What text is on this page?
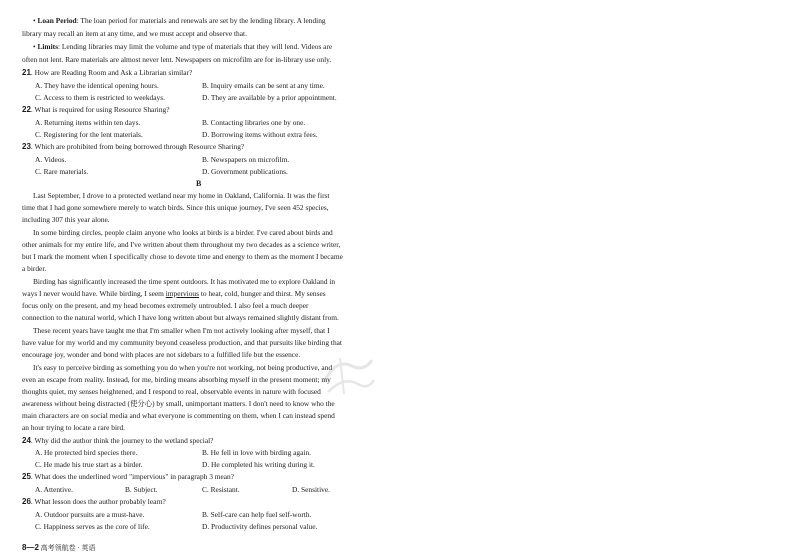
• Loan Period: The loan period for materials and renewals are set by the lending library. A lending
library may recall an item at any time, and we must accept and observe that.
• Limits: Lending libraries may limit the volume and type of materials that they will lend. Videos are
often not lent. Rare materials are almost never lent. Newspapers on microfilm are for in-library use only.
21. How are Reading Room and Ask a Librarian similar?
A. They have the identical opening hours.	B. Inquiry emails can be sent at any time.
C. Access to them is restricted to weekdays.	D. They are available by a prior appointment.
22. What is required for using Resource Sharing?
A. Returning items within ten days.	B. Contacting libraries one by one.
C. Registering for the lent materials.	D. Borrowing items without extra fees.
23. Which are prohibited from being borrowed through Resource Sharing?
A. Videos.	B. Newspapers on microfilm.
C. Rare materials.	D. Government publications.
B
Last September, I drove to a protected wetland near my home in Oakland, California. It was the first
time that I had gone somewhere merely to watch birds. Since this unique journey, I've seen 452 species,
including 307 this year alone.
In some birding circles, people claim anyone who looks at birds is a birder. I've cared about birds and
other animals for my entire life, and I've written about them throughout my two decades as a science writer,
but I mark the moment when I specifically chose to devote time and energy to them as the moment I became
a birder.
Birding has significantly increased the time spent outdoors. It has motivated me to explore Oakland in
ways I never would have. While birding, I seem impervious to heat, cold, hunger and thirst. My senses
focus only on the present, and my head becomes extremely untroubled. I also feel a much deeper
connection to the natural world, which I have long written about but always remained slightly distant from.
These recent years have taught me that I'm smaller when I'm not actively looking after myself, that I
have value for my world and my community beyond ceaseless production, and that pursuits like birding that
encourage joy, wonder and bond with places are not sidebars to a fulfilled life but the essence.
It's easy to perceive birding as something you do when you're not working, not being productive, and
even an escape from reality. Instead, for me, birding means absorbing myself in the present moment; my
thoughts quiet, my senses heightened, and I respond to real, observable events in nature with focused
awareness without being distracted (使分心) by small, unimportant matters. I don't need to know who the
main characters are on social media and what everyone is commenting on them, when I can instead spend
an hour trying to locate a rare bird.
24. Why did the author think the journey to the wetland special?
A. He protected bird species there.	B. He fell in love with birding again.
C. He made his true start as a birder.	D. He completed his writing during it.
25. What does the underlined word "impervious" in paragraph 3 mean?
A. Attentive.	B. Subject.	C. Resistant.	D. Sensitive.
26. What lesson does the author probably learn?
A. Outdoor pursuits are a must-have.	B. Self-care can help fuel self-worth.
C. Happiness serves as the core of life.	D. Productivity defines personal value.
8—2 高考领航卷 · 英语
